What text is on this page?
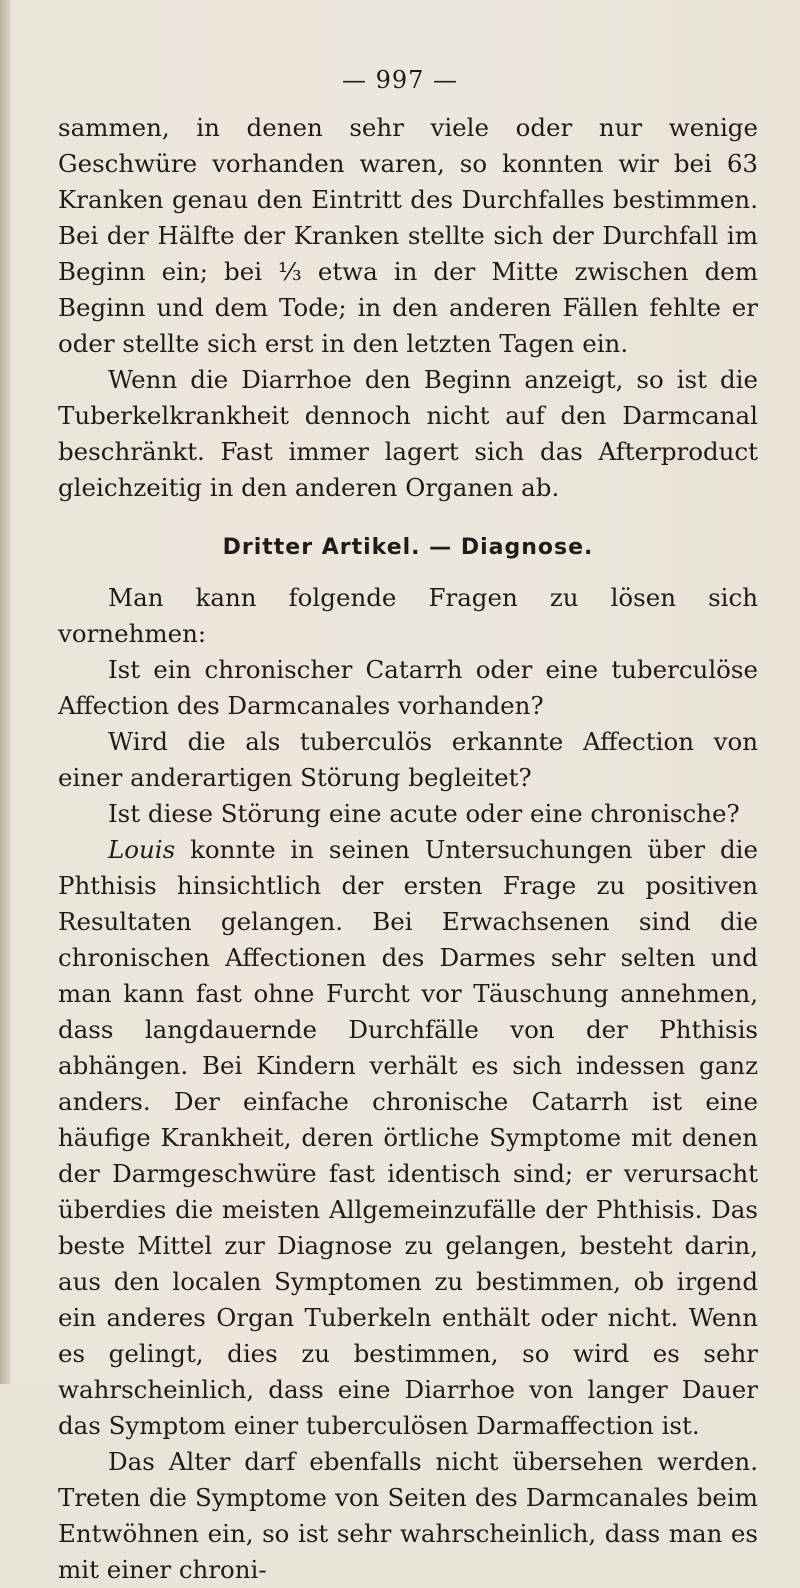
— 997 —

sammen, in denen sehr viele oder nur wenige Geschwüre vorhanden waren, so konnten wir bei 63 Kranken genau den Eintritt des Durchfalles bestimmen. Bei der Hälfte der Kranken stellte sich der Durchfall im Beginn ein; bei ⅓ etwa in der Mitte zwischen dem Beginn und dem Tode; in den anderen Fällen fehlte er oder stellte sich erst in den letzten Tagen ein.

Wenn die Diarrhoe den Beginn anzeigt, so ist die Tuberkelkrankheit dennoch nicht auf den Darmcanal beschränkt. Fast immer lagert sich das Afterproduct gleichzeitig in den anderen Organen ab.

Dritter Artikel. — Diagnose.

Man kann folgende Fragen zu lösen sich vornehmen:

Ist ein chronischer Catarrh oder eine tuberculöse Affection des Darmcanales vorhanden?

Wird die als tuberculös erkannte Affection von einer anderartigen Störung begleitet?

Ist diese Störung eine acute oder eine chronische?

Louis konnte in seinen Untersuchungen über die Phthisis hinsichtlich der ersten Frage zu positiven Resultaten gelangen. Bei Erwachsenen sind die chronischen Affectionen des Darmes sehr selten und man kann fast ohne Furcht vor Täuschung annehmen, dass langdauernde Durchfälle von der Phthisis abhängen. Bei Kindern verhält es sich indessen ganz anders. Der einfache chronische Catarrh ist eine häufige Krankheit, deren örtliche Symptome mit denen der Darmgeschwüre fast identisch sind; er verursacht überdies die meisten Allgemeinzufälle der Phthisis. Das beste Mittel zur Diagnose zu gelangen, besteht darin, aus den localen Symptomen zu bestimmen, ob irgend ein anderes Organ Tuberkeln enthält oder nicht. Wenn es gelingt, dies zu bestimmen, so wird es sehr wahrscheinlich, dass eine Diarrhoe von langer Dauer das Symptom einer tuberculösen Darmaffection ist.

Das Alter darf ebenfalls nicht übersehen werden. Treten die Symptome von Seiten des Darmcanales beim Entwöhnen ein, so ist sehr wahrscheinlich, dass man es mit einer chroni-
